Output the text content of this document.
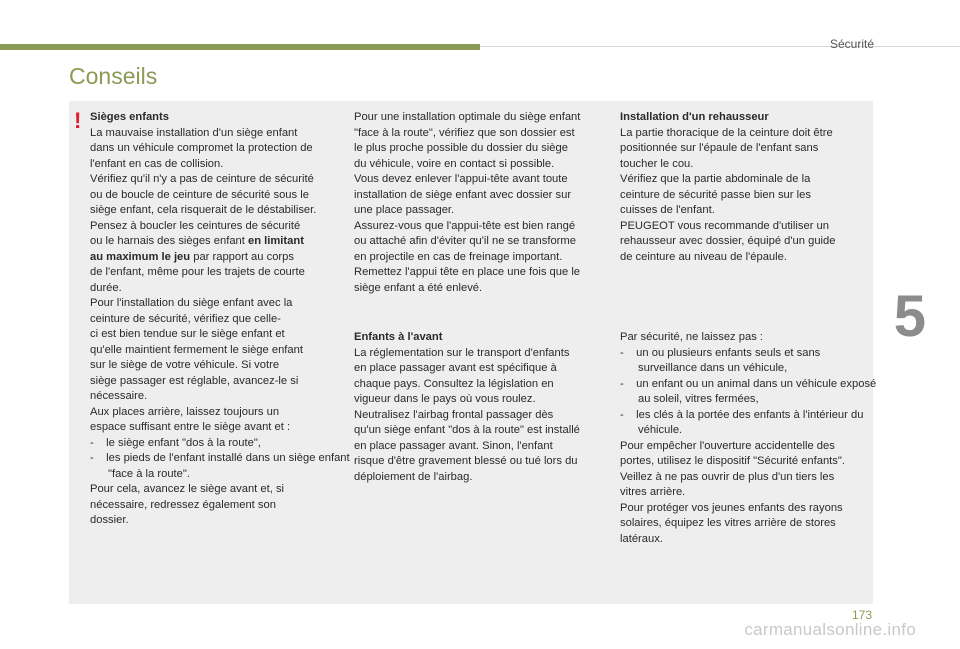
Sécurité
Conseils
! Sièges enfants

La mauvaise installation d'un siège enfant

dans un véhicule compromet la protection de

l'enfant en cas de collision.

Vérifiez qu'il n'y a pas de ceinture de sécurité

ou de boucle de ceinture de sécurité sous le

siège enfant, cela risquerait de le déstabiliser.

Pensez à boucler les ceintures de sécurité

ou le harnais des sièges enfant en limitant

au maximum le jeu par rapport au corps

de l'enfant, même pour les trajets de courte

durée.

Pour l'installation du siège enfant avec la

ceinture de sécurité, vérifiez que celle-

ci est bien tendue sur le siège enfant et

qu'elle maintient fermement le siège enfant

sur le siège de votre véhicule. Si votre

siège passager est réglable, avancez-le si

nécessaire.

Aux places arrière, laissez toujours un

espace suffisant entre le siège avant et :

-    le siège enfant "dos à la route",

-    les pieds de l'enfant installé dans un siège enfant "face à la route".

Pour cela, avancez le siège avant et, si

nécessaire, redressez également son

dossier.

Pour une installation optimale du siège enfant

"face à la route", vérifiez que son dossier est

le plus proche possible du dossier du siège

du véhicule, voire en contact si possible.

Vous devez enlever l'appui-tête avant toute

installation de siège enfant avec dossier sur

une place passager.

Assurez-vous que l'appui-tête est bien rangé

ou attaché afin d'éviter qu'il ne se transforme

en projectile en cas de freinage important.

Remettez l'appui tête en place une fois que le

siège enfant a été enlevé.

Enfants à l'avant

La réglementation sur le transport d'enfants

en place passager avant est spécifique à

chaque pays. Consultez la législation en

vigueur dans le pays où vous roulez.

Neutralisez l'airbag frontal passager dès

qu'un siège enfant "dos à la route" est installé

en place passager avant. Sinon, l'enfant

risque d'être gravement blessé ou tué lors du

déploiement de l'airbag.

Installation d'un rehausseur

La partie thoracique de la ceinture doit être

positionnée sur l'épaule de l'enfant sans

toucher le cou.

Vérifiez que la partie abdominale de la

ceinture de sécurité passe bien sur les

cuisses de l'enfant.

PEUGEOT vous recommande d'utiliser un

rehausseur avec dossier, équipé d'un guide

de ceinture au niveau de l'épaule.

Par sécurité, ne laissez pas :

-    un ou plusieurs enfants seuls et sans surveillance dans un véhicule,

-    un enfant ou un animal dans un véhicule exposé au soleil, vitres fermées,

-    les clés à la portée des enfants à l'intérieur du véhicule.

Pour empêcher l'ouverture accidentelle des

portes, utilisez le dispositif "Sécurité enfants".

Veillez à ne pas ouvrir de plus d'un tiers les

vitres arrière.

Pour protéger vos jeunes enfants des rayons

solaires, équipez les vitres arrière de stores

latéraux.

5
173
carmanualsonline.info
